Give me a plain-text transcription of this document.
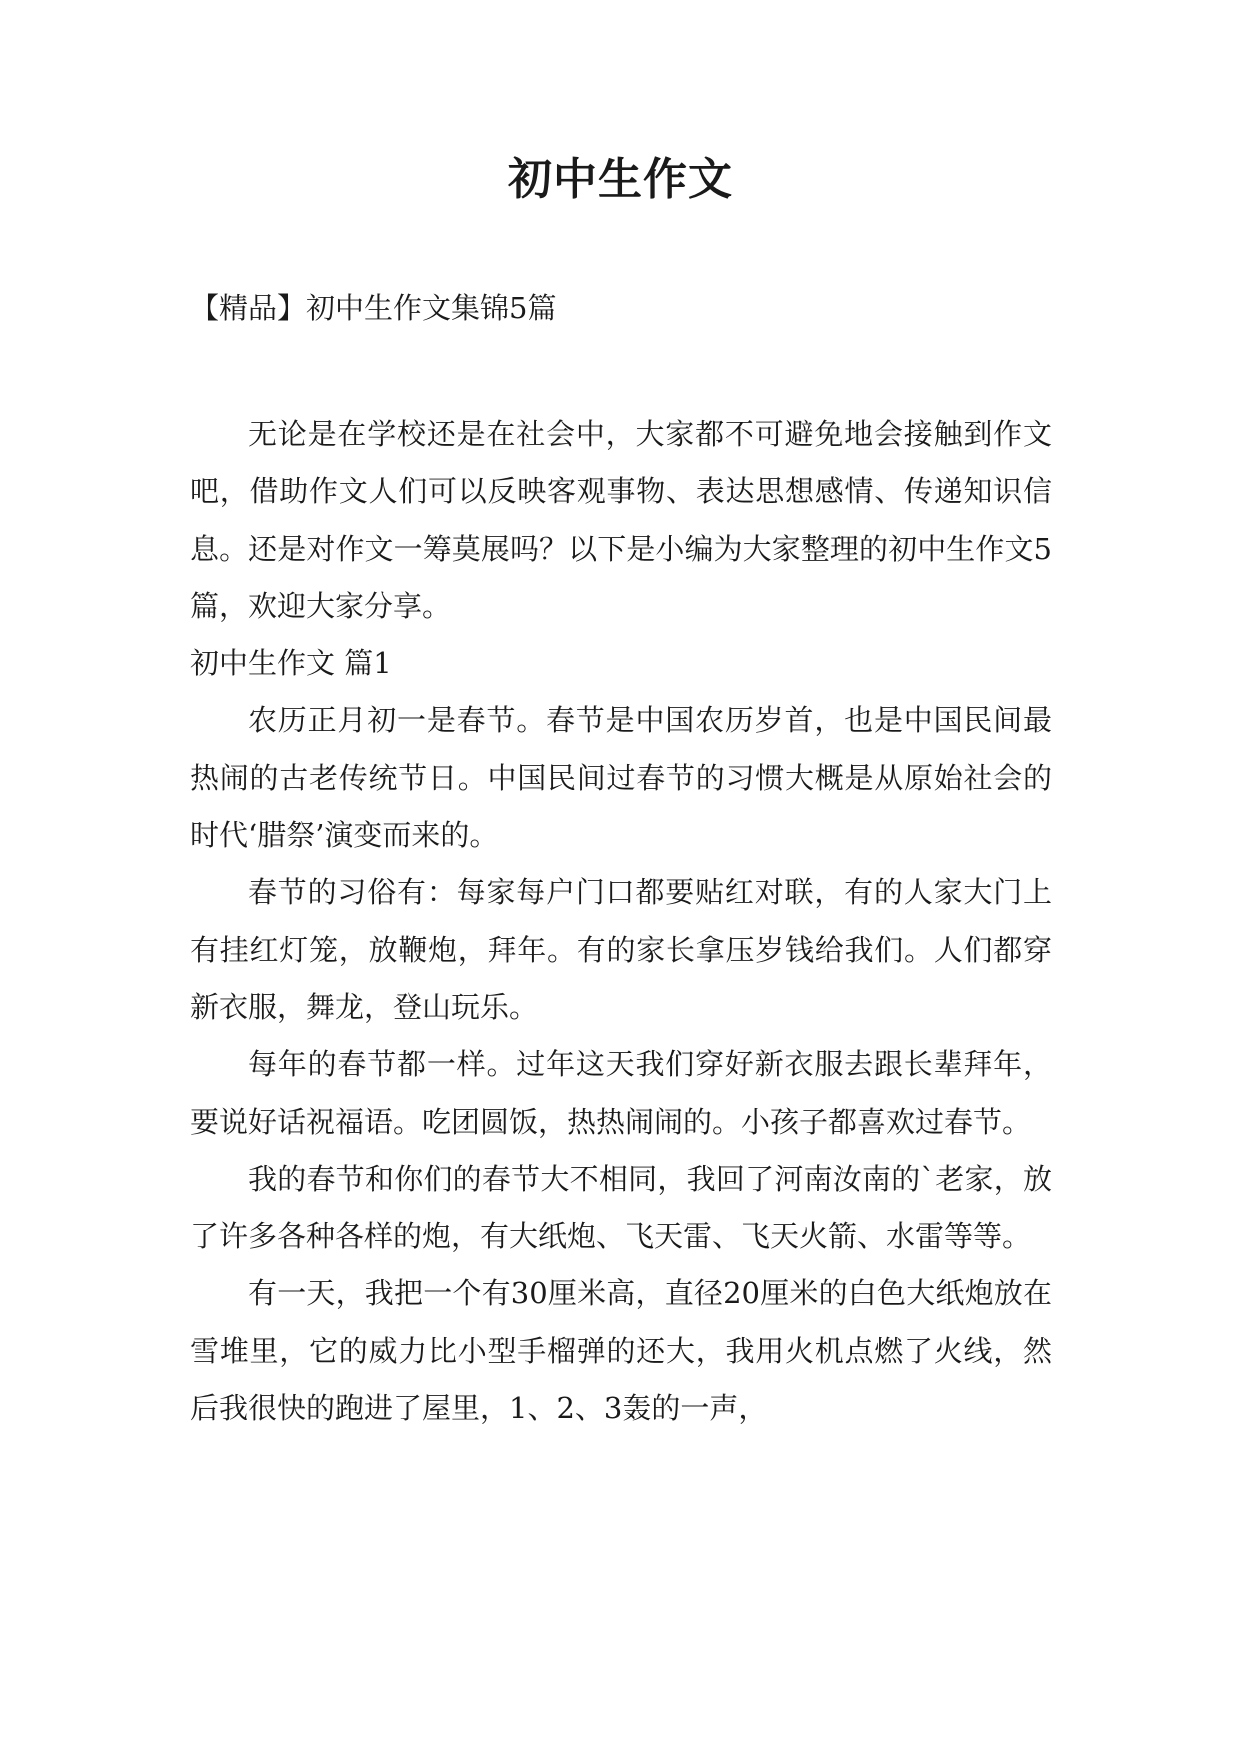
初中生作文
【精品】初中生作文集锦5篇

无论是在学校还是在社会中，大家都不可避免地会接触到作文吧，借助作文人们可以反映客观事物、表达思想感情、传递知识信息。还是对作文一筹莫展吗？以下是小编为大家整理的初中生作文5篇，欢迎大家分享。

初中生作文 篇1

农历正月初一是春节。春节是中国农历岁首，也是中国民间最热闹的古老传统节日。中国民间过春节的习惯大概是从原始社会的时代‘腊祭’演变而来的。

春节的习俗有：每家每户门口都要贴红对联，有的人家大门上有挂红灯笼，放鞭炮，拜年。有的家长拿压岁钱给我们。人们都穿新衣服，舞龙，登山玩乐。

每年的春节都一样。过年这天我们穿好新衣服去跟长辈拜年，要说好话祝福语。吃团圆饭，热热闹闹的。小孩子都喜欢过春节。

我的春节和你们的春节大不相同，我回了河南汝南的`老家，放了许多各种各样的炮，有大纸炮、飞天雷、飞天火箭、水雷等等。

有一天，我把一个有30厘米高，直径20厘米的白色大纸炮放在雪堆里，它的威力比小型手榴弹的还大，我用火机点燃了火线，然后我很快的跑进了屋里，1、2、3轰的一声，
